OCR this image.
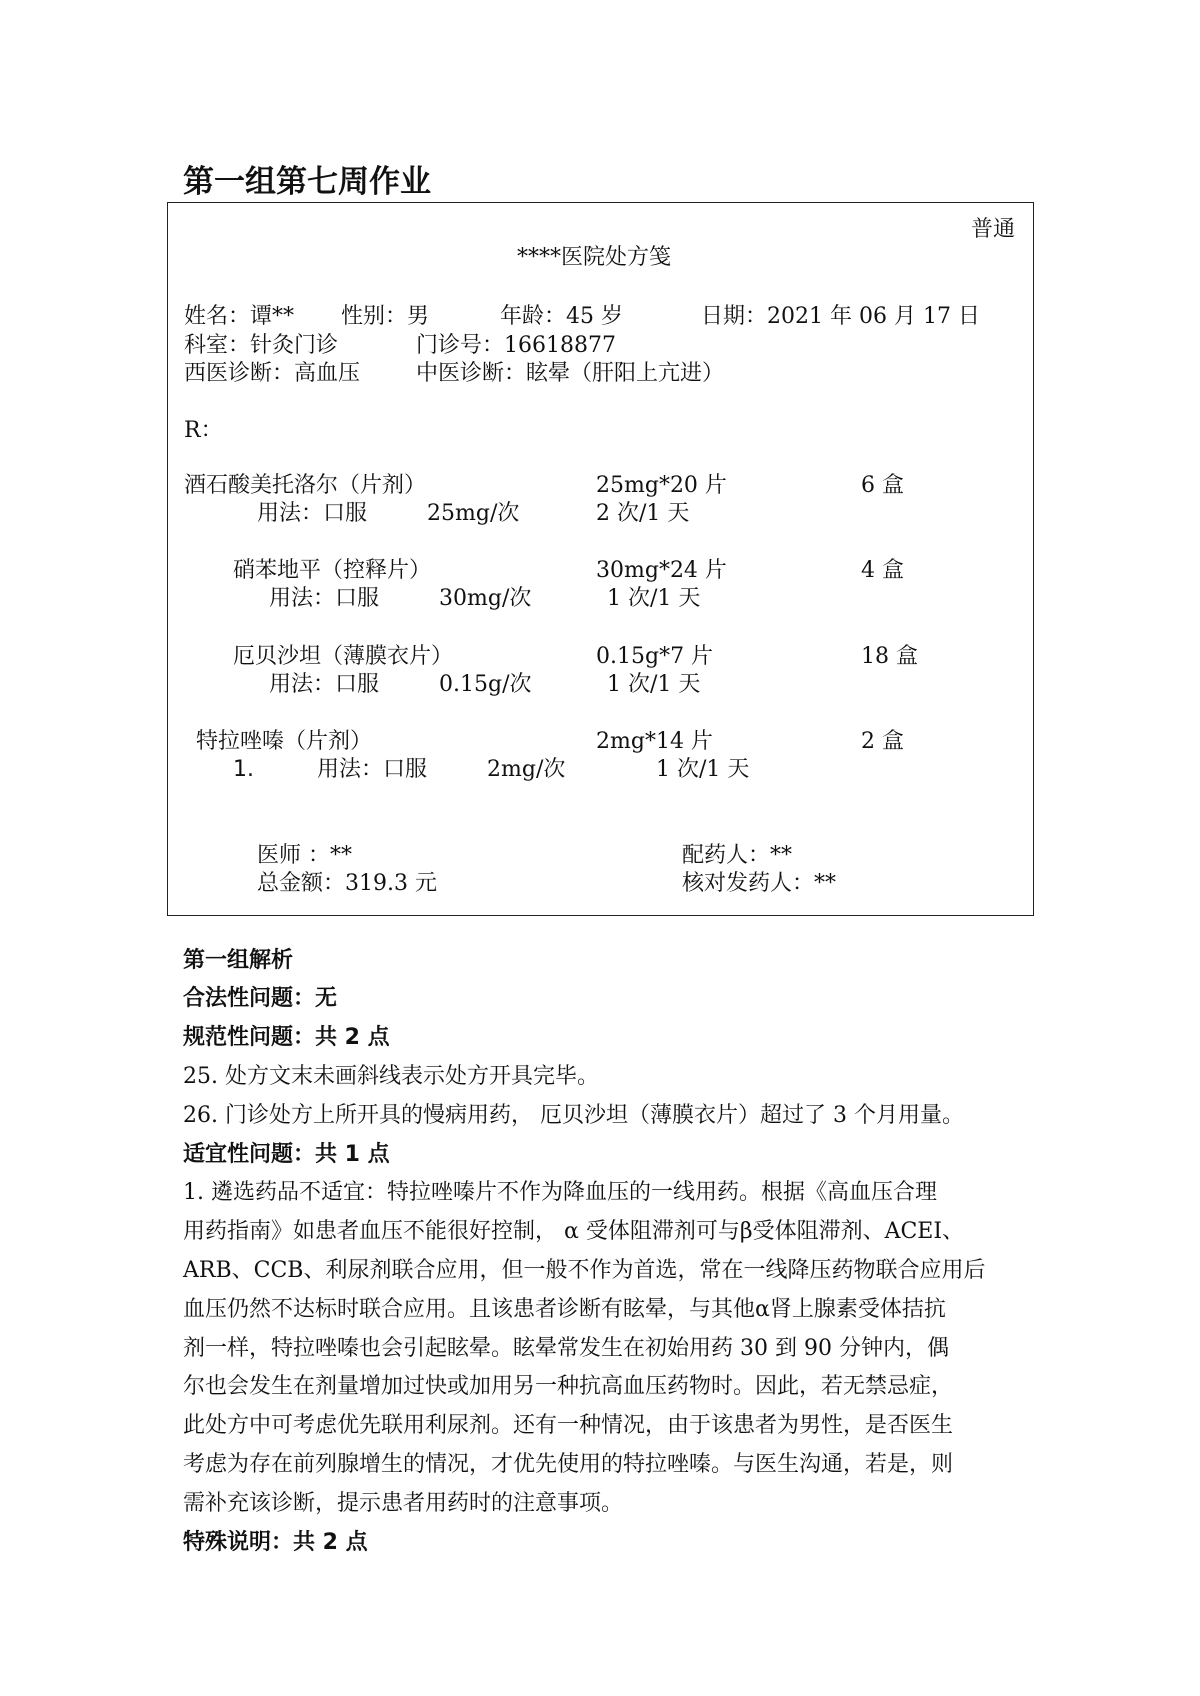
第一组第七周作业
普通
****医院处方笺
姓名：谭** 性别：男	年龄：45 岁	日期：2021 年 06 月 17 日
科室：针灸门诊	门诊号：16618877
西医诊断：高血压	中医诊断：眩晕（肝阳上亢进）
R：
酒石酸美托洛尔（片剂）	25mg*20 片	6 盒
用法：口服	25mg/次	2 次/1 天
硝苯地平（控释片）	30mg*24 片	4 盒
用法：口服	30mg/次	1 次/1 天
厄贝沙坦（薄膜衣片）	0.15g*7 片	18 盒
用法：口服	0.15g/次	1 次/1 天
特拉唑嗪（片剂）	2mg*14 片	2 盒
1.	用法：口服	2mg/次	1 次/1 天
医师 ：**	配药人：**
总金额：319.3 元	核对发药人：**
第一组解析
合法性问题：无
规范性问题：共 2 点
25. 处方文末未画斜线表示处方开具完毕。
26. 门诊处方上所开具的慢病用药， 厄贝沙坦（薄膜衣片）超过了 3 个月用量。
适宜性问题：共 1 点
1. 遴选药品不适宜：特拉唑嗪片不作为降血压的一线用药。根据《高血压合理
用药指南》如患者血压不能很好控制， α 受体阻滞剂可与β受体阻滞剂、ACEI、
ARB、CCB、利尿剂联合应用，但一般不作为首选，常在一线降压药物联合应用后
血压仍然不达标时联合应用。且该患者诊断有眩晕，与其他α肾上腺素受体拮抗
剂一样，特拉唑嗪也会引起眩晕。眩晕常发生在初始用药 30 到 90 分钟内，偶
尔也会发生在剂量增加过快或加用另一种抗高血压药物时。因此，若无禁忌症，
此处方中可考虑优先联用利尿剂。还有一种情况，由于该患者为男性，是否医生
考虑为存在前列腺增生的情况，才优先使用的特拉唑嗪。与医生沟通，若是，则
需补充该诊断，提示患者用药时的注意事项。
特殊说明：共 2 点
